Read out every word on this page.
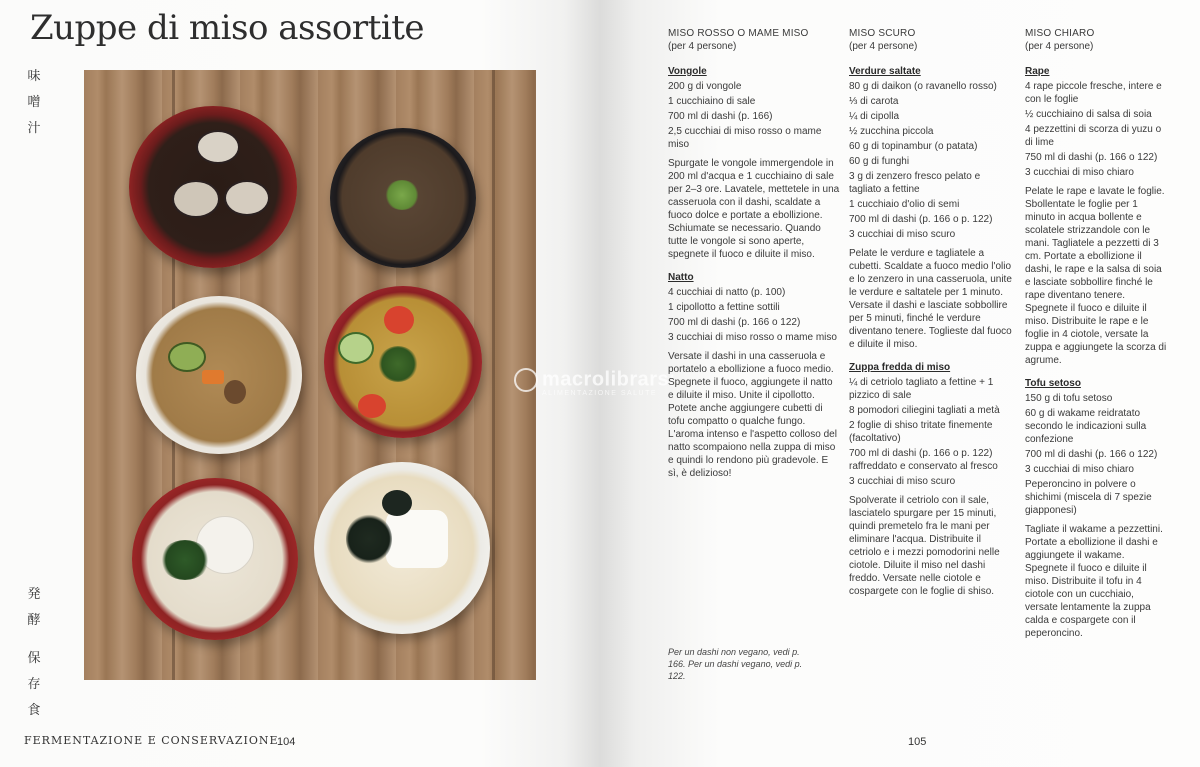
Zuppe di miso assortite
味
噌
汁
発
酵
保
存
食
macrolibrarsi
ALIMENTAZIONE SALUTE
FERMENTAZIONE E CONSERVAZIONE
104
MISO ROSSO O MAME MISO
(per 4 persone)
Vongole
200 g di vongole
1 cucchiaino di sale
700 ml di dashi (p. 166)
2,5 cucchiai di miso rosso o mame miso

Spurgate le vongole immergendole in 200 ml d'acqua e 1 cucchiaino di sale per 2–3 ore. Lavatele, mettetele in una casseruola con il dashi, scaldate a fuoco dolce e portate a ebollizione. Schiumate se necessario. Quando tutte le vongole si sono aperte, spegnete il fuoco e diluite il miso.

Natto
4 cucchiai di natto (p. 100)
1 cipollotto a fettine sottili
700 ml di dashi (p. 166 o 122)
3 cucchiai di miso rosso o mame miso

Versate il dashi in una casseruola e portatelo a ebollizione a fuoco medio. Spegnete il fuoco, aggiungete il natto e diluite il miso. Unite il cipollotto. Potete anche aggiungere cubetti di tofu compatto o qualche fungo. L'aroma intenso e l'aspetto colloso del natto scompaiono nella zuppa di miso e quindi lo rendono più gradevole. E sì, è delizioso!

Per un dashi non vegano, vedi p. 166. Per un dashi vegano, vedi p. 122.
MISO SCURO
(per 4 persone)
Verdure saltate
80 g di daikon (o ravanello rosso)
⅓ di carota
¼ di cipolla
½ zucchina piccola
60 g di topinambur (o patata)
60 g di funghi
3 g di zenzero fresco pelato e tagliato a fettine
1 cucchiaio d'olio di semi
700 ml di dashi (p. 166 o p. 122)
3 cucchiai di miso scuro

Pelate le verdure e tagliatele a cubetti. Scaldate a fuoco medio l'olio e lo zenzero in una casseruola, unite le verdure e saltatele per 1 minuto. Versate il dashi e lasciate sobbollire per 5 minuti, finché le verdure diventano tenere. Toglieste dal fuoco e diluite il miso.

Zuppa fredda di miso
¼ di cetriolo tagliato a fettine + 1 pizzico di sale
8 pomodori ciliegini tagliati a metà
2 foglie di shiso tritate finemente (facoltativo)
700 ml di dashi (p. 166 o p. 122) raffreddato e conservato al fresco
3 cucchiai di miso scuro

Spolverate il cetriolo con il sale, lasciatelo spurgare per 15 minuti, quindi premetelo fra le mani per eliminare l'acqua. Distribuite il cetriolo e i mezzi pomodorini nelle ciotole. Diluite il miso nel dashi freddo. Versate nelle ciotole e cospargete con le foglie di shiso.

MISO CHIARO
(per 4 persone)
Rape
4 rape piccole fresche, intere e con le foglie
½ cucchiaino di salsa di soia
4 pezzettini di scorza di yuzu o di lime
750 ml di dashi (p. 166 o 122)
3 cucchiai di miso chiaro

Pelate le rape e lavate le foglie. Sbollentate le foglie per 1 minuto in acqua bollente e scolatele strizzandole con le mani. Tagliatele a pezzetti di 3 cm. Portate a ebollizione il dashi, le rape e la salsa di soia e lasciate sobbollire finché le rape diventano tenere. Spegnete il fuoco e diluite il miso. Distribuite le rape e le foglie in 4 ciotole, versate la zuppa e aggiungete la scorza di agrume.

Tofu setoso
150 g di tofu setoso
60 g di wakame reidratato secondo le indicazioni sulla confezione
700 ml di dashi (p. 166 o 122)
3 cucchiai di miso chiaro
Peperoncino in polvere o shichimi (miscela di 7 spezie giapponesi)

Tagliate il wakame a pezzettini. Portate a ebollizione il dashi e aggiungete il wakame. Spegnete il fuoco e diluite il miso. Distribuite il tofu in 4 ciotole con un cucchiaio, versate lentamente la zuppa calda e cospargete con il peperoncino.

105
